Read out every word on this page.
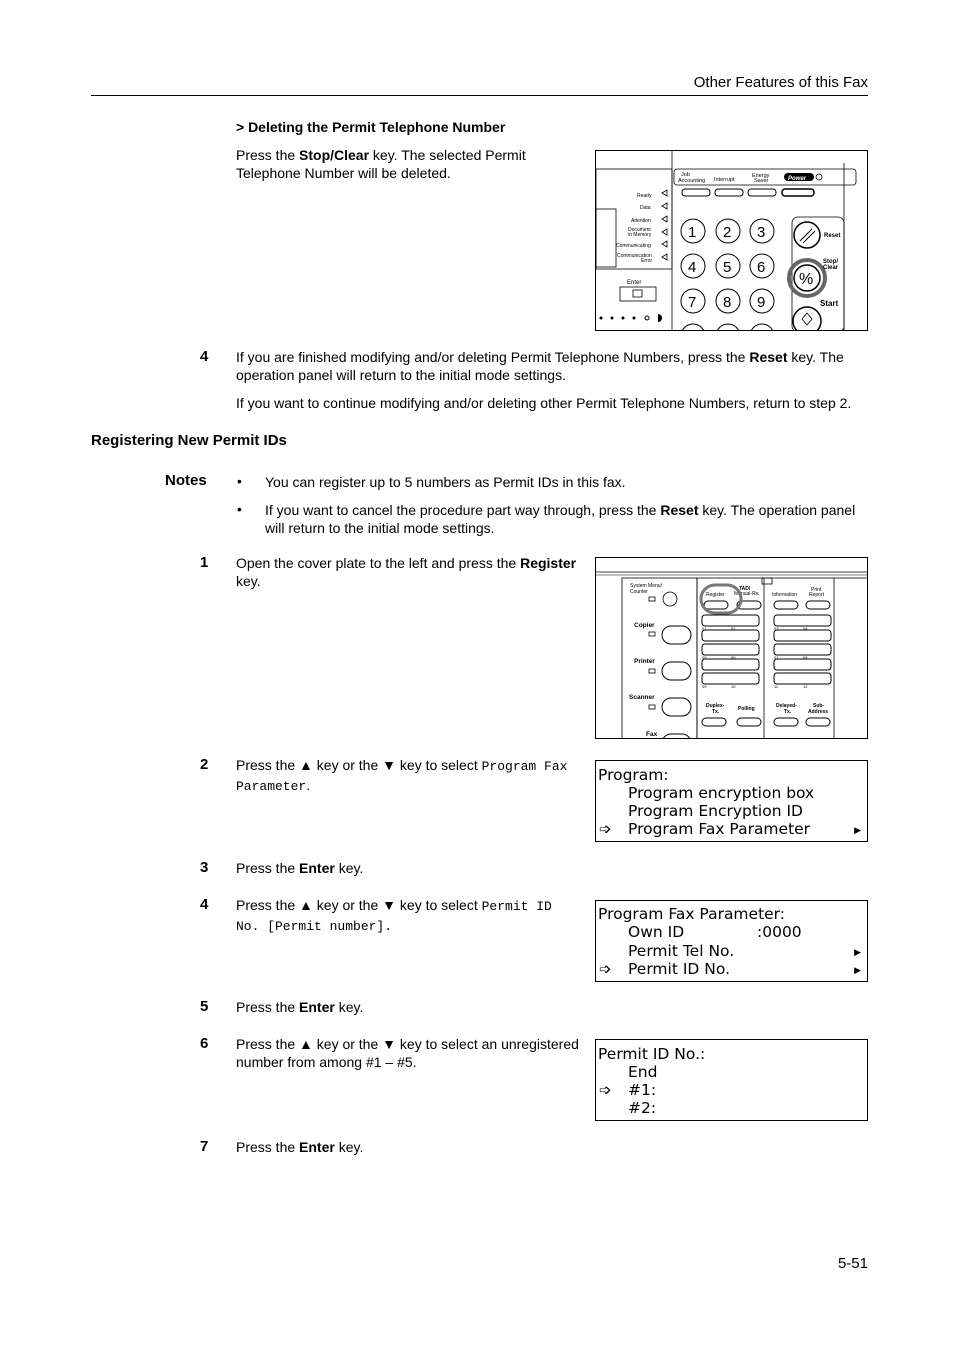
Other Features of this Fax
> Deleting the Permit Telephone Number
Press the Stop/Clear key. The selected Permit
Telephone Number will be deleted.	Job
Accounting Interrupt
Energy
Saver	Power
Ready
Data
Attention
Document
in Memory
Communicating
Communication
Error
Enter
1 2 3
4 5 6
7 8 9
%
Reset
Stop/
Clear
Start
4 If you are finished modifying and/or deleting Permit Telephone Numbers, press the Reset key. The
operation panel will return to the initial mode settings.
If you want to continue modifying and/or deleting other Permit Telephone Numbers, return to step 2.
Registering New Permit IDs
Notes • You can register up to 5 numbers as Permit IDs in this fax.
• If you want to cancel the procedure part way through, press the Reset key. The operation panel
will return to the initial mode settings.
1 Open the cover plate to the left and press the Register
key.	System Menu/
Counter
Copier
Printer
Scanner
Fax
Register
TAD/
Manual-Rx. Information
Print
Report
01	02	03	04
05	06	07	08
09	10	11	12
Duplex-
Tx.	Polling	Delayed-
Tx.
Sub-
Address
2 Press the ▲ key or the ▼ key to select Program Fax
Parameter.
Program:
Program encryption box
Program Encryption ID
➩ Program Fax Parameter	▶
3 Press the Enter key.
4 Press the ▲ key or the ▼ key to select Permit ID
No. [Permit number].
Program Fax Parameter:
Own ID	:0000
Permit Tel No.	▶
➩ Permit ID No.	▶
5 Press the Enter key.
6 Press the ▲ key or the ▼ key to select an unregistered
number from among #1 – #5.	Permit ID No.:
End
➩ #1:
#2:
7 Press the Enter key.
5-51
